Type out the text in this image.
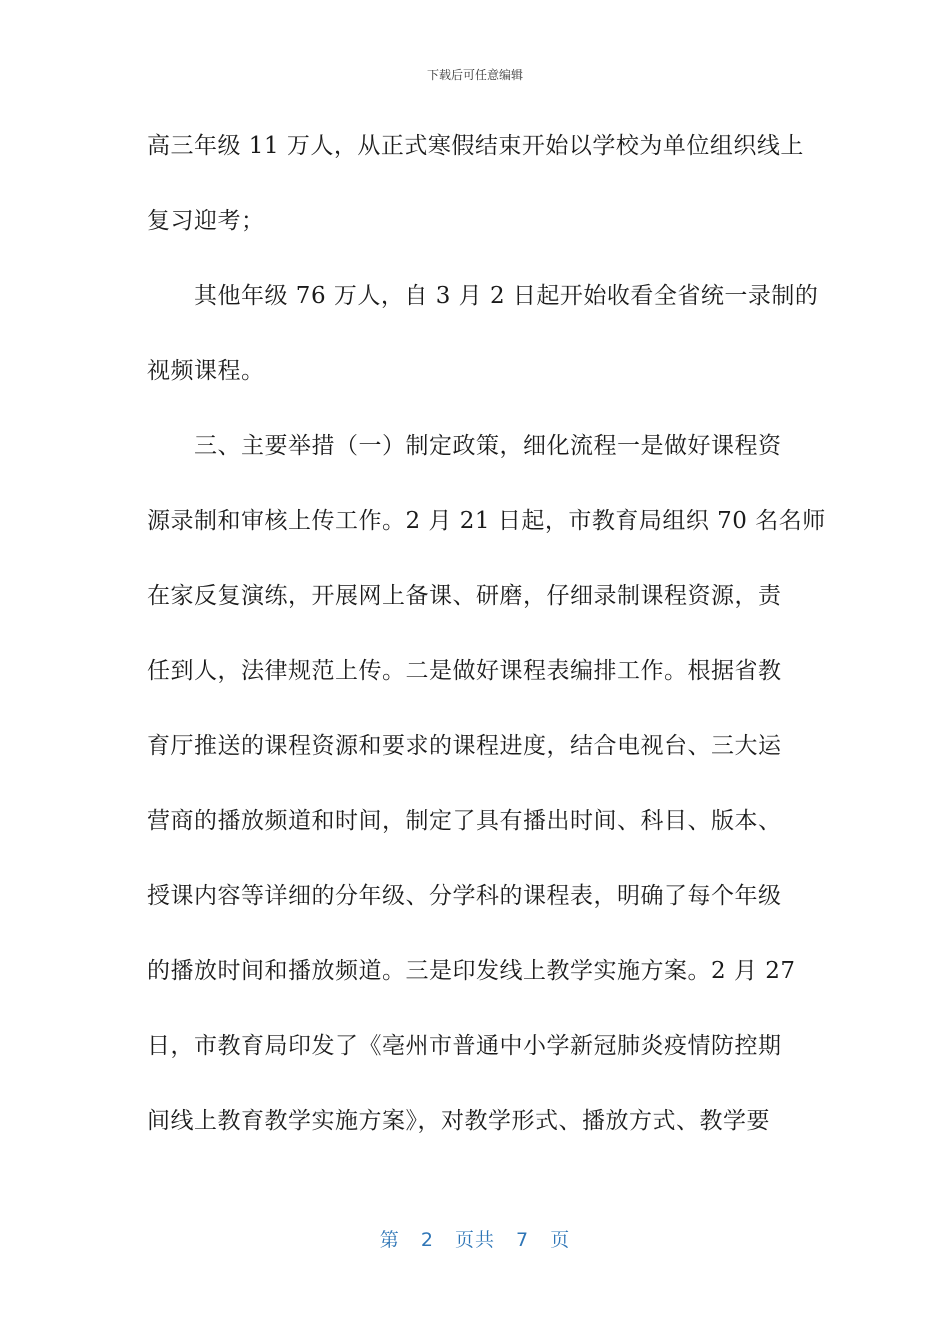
下载后可任意编辑
高三年级 11 万人，从正式寒假结束开始以学校为单位组织线上
复习迎考；
　　其他年级 76 万人，自 3 月 2 日起开始收看全省统一录制的
视频课程。
　　三、主要举措（一）制定政策，细化流程一是做好课程资
源录制和审核上传工作。2 月 21 日起，市教育局组织 70 名名师
在家反复演练，开展网上备课、研磨，仔细录制课程资源，责
任到人，法律规范上传。二是做好课程表编排工作。根据省教
育厅推送的课程资源和要求的课程进度，结合电视台、三大运
营商的播放频道和时间，制定了具有播出时间、科目、版本、
授课内容等详细的分年级、分学科的课程表，明确了每个年级
的播放时间和播放频道。三是印发线上教学实施方案。2 月 27
日，市教育局印发了《亳州市普通中小学新冠肺炎疫情防控期
间线上教育教学实施方案》，对教学形式、播放方式、教学要
第 2 页共 7 页
